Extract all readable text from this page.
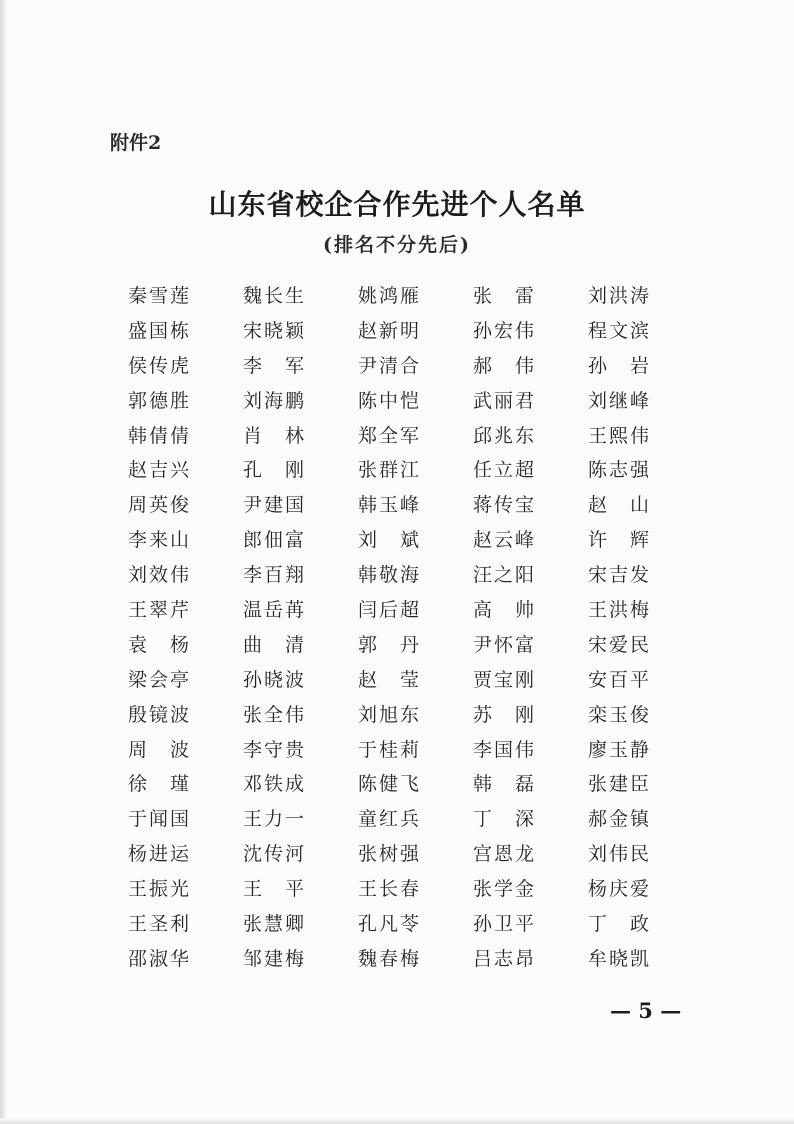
附件2
山东省校企合作先进个人名单
(排名不分先后)
秦雪莲	魏长生	姚鸿雁	张　雷	刘洪涛
盛国栋	宋晓颖	赵新明	孙宏伟	程文滨
侯传虎	李　军	尹清合	郝　伟	孙　岩
郭德胜	刘海鹏	陈中恺	武丽君	刘继峰
韩倩倩	肖　林	郑全军	邱兆东	王熙伟
赵吉兴	孔　刚	张群江	任立超	陈志强
周英俊	尹建国	韩玉峰	蒋传宝	赵　山
李来山	郎佃富	刘　斌	赵云峰	许　辉
刘效伟	李百翔	韩敬海	汪之阳	宋吉发
王翠芹	温岳苒	闫后超	高　帅	王洪梅
袁　杨	曲　清	郭　丹	尹怀富	宋爱民
梁会亭	孙晓波	赵　莹	贾宝刚	安百平
殷镜波	张全伟	刘旭东	苏　刚	栾玉俊
周　波	李守贵	于桂莉	李国伟	廖玉静
徐　瑾	邓铁成	陈健飞	韩　磊	张建臣
于闻国	王力一	童红兵	丁　深	郝金镇
杨进运	沈传河	张树强	宫恩龙	刘伟民
王振光	王　平	王长春	张学金	杨庆爱
王圣利	张慧卿	孔凡苓	孙卫平	丁　政
邵淑华	邹建梅	魏春梅	吕志昂	牟晓凯
— 5 —
